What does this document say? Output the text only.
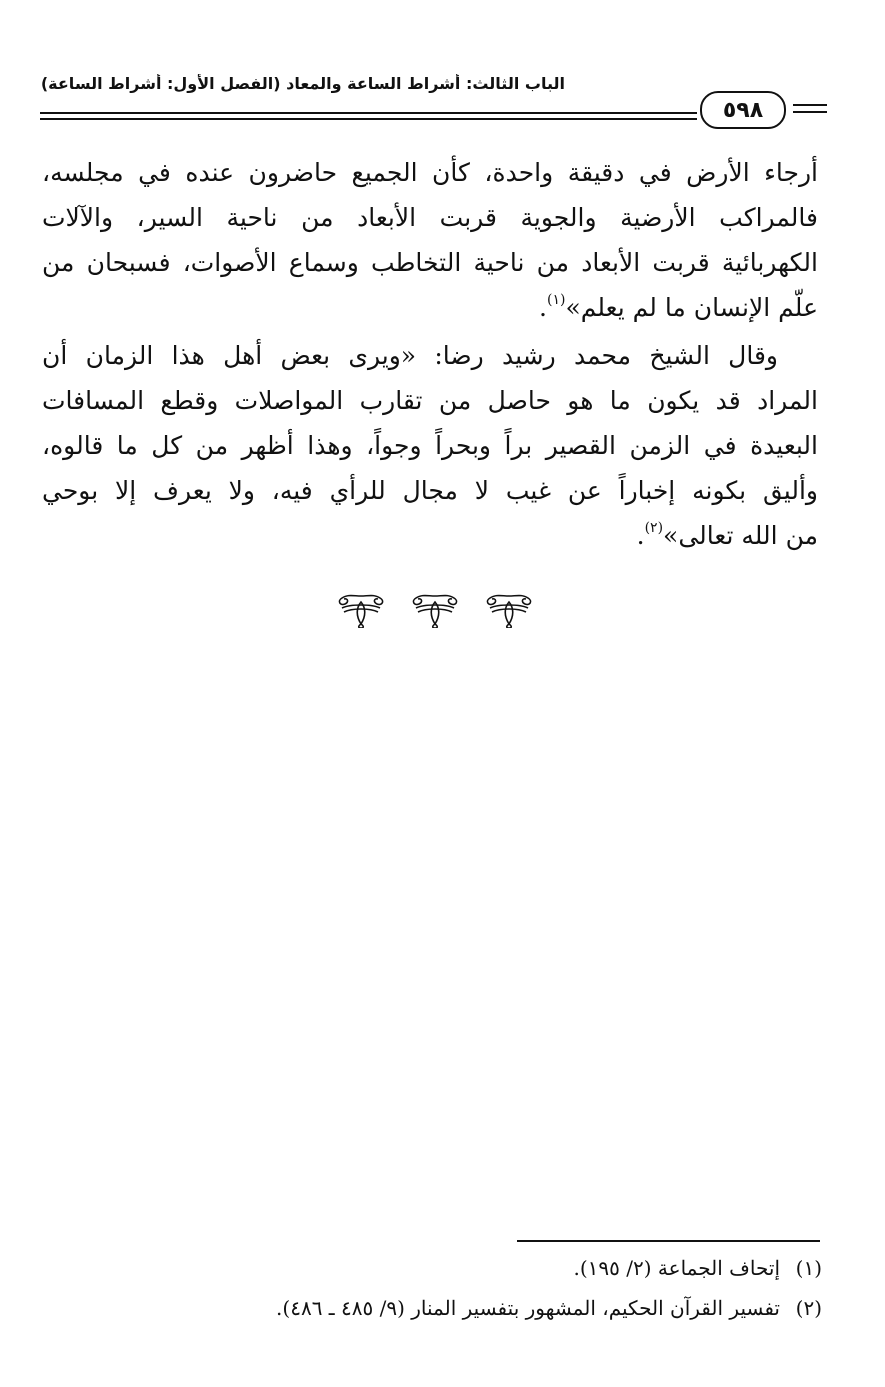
الباب الثالث: أشراط الساعة والمعاد (الفصل الأول: أشراط الساعة)
٥٩٨
أرجاء الأرض في دقيقة واحدة، كأن الجميع حاضرون عنده في مجلسه،
فالمراكب الأرضية والجوية قربت الأبعاد من ناحية السير، والآلات
الكهربائية قربت الأبعاد من ناحية التخاطب وسماع الأصوات، فسبحان من
علّم الإنسان ما لم يعلم»$^{(١)}$.
وقال الشيخ محمد رشيد رضا: «ويرى بعض أهل هذا الزمان أن
المراد قد يكون ما هو حاصل من تقارب المواصلات وقطع المسافات
البعيدة في الزمن القصير براً وبحراً وجواً، وهذا أظهر من كل ما قالوه،
وأليق بكونه إخباراً عن غيب لا مجال للرأي فيه، ولا يعرف إلا بوحي
من الله تعالى»$^{(٢)}$.
(١)
إتحاف الجماعة (٢/ ١٩٥).
(٢)
تفسير القرآن الحكيم، المشهور بتفسير المنار (٩/ ٤٨٥ ـ ٤٨٦).
